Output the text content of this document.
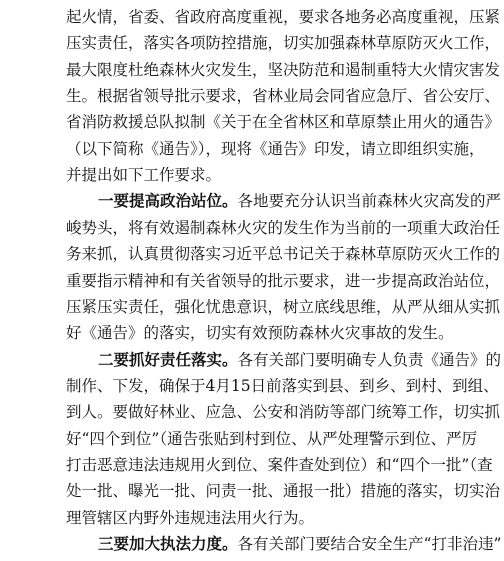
起火情，省委、省政府高度重视，要求各地务必高度重视，压紧
压实责任，落实各项防控措施，切实加强森林草原防灭火工作，
最大限度杜绝森林火灾发生，坚决防范和遏制重特大火情灾害发
生。根据省领导批示要求，省林业局会同省应急厅、省公安厅、
省消防救援总队拟制《关于在全省林区和草原禁止用火的通告》
（以下简称《通告》），现将《通告》印发，请立即组织实施，
并提出如下工作要求。
一要提高政治站位。各地要充分认识当前森林火灾高发的严
峻势头，将有效遏制森林火灾的发生作为当前的一项重大政治任
务来抓，认真贯彻落实习近平总书记关于森林草原防灭火工作的
重要指示精神和有关省领导的批示要求，进一步提高政治站位，
压紧压实责任，强化忧患意识，树立底线思维，从严从细从实抓
好《通告》的落实，切实有效预防森林火灾事故的发生。
二要抓好责任落实。各有关部门要明确专人负责《通告》的
制作、下发，确保于4月15日前落实到县、到乡、到村、到组、
到人。要做好林业、应急、公安和消防等部门统筹工作，切实抓
好“四个到位”（通告张贴到村到位、从严处理警示到位、严厉
打击恶意违法违规用火到位、案件查处到位）和“四个一批”（查
处一批、曝光一批、问责一批、通报一批）措施的落实，切实治
理管辖区内野外违规违法用火行为。
三要加大执法力度。各有关部门要结合安全生产“打非治违”
